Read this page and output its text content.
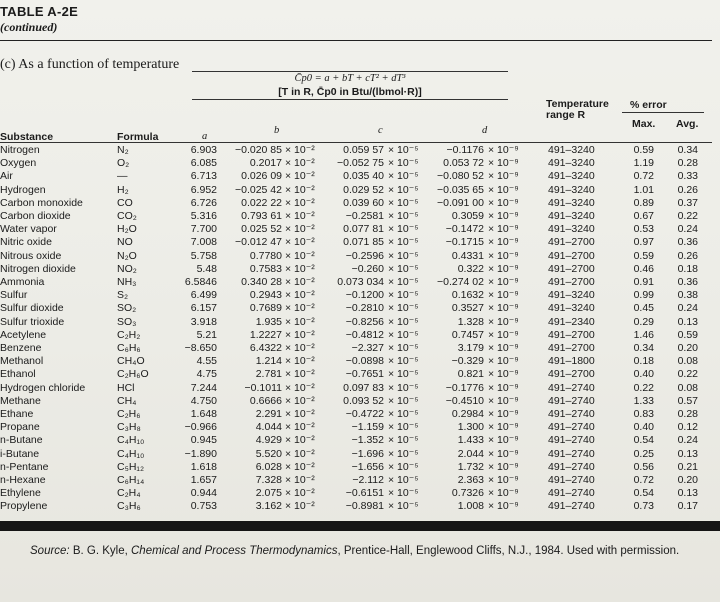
TABLE A-2E
(continued)
(c) As a function of temperature
C̄p0 = a + bT + cT² + dT³
[T in R, C̄p0 in Btu/(lbmol·R)]
Temperature range R
% error
Max. Avg.
Substance	Formula	a
b	c	d
Nitrogen	N₂	6.903	−0.020 85 × 10⁻²	0.059 57 × 10⁻⁵	−0.1176 × 10⁻⁹	491–3240	0.59	0.34
Oxygen	O₂	6.085	0.2017 × 10⁻²	−0.052 75 × 10⁻⁵	0.053 72 × 10⁻⁹	491–3240	1.19	0.28
Air	—	6.713	0.026 09 × 10⁻²	0.035 40 × 10⁻⁵	−0.080 52 × 10⁻⁹	491–3240	0.72	0.33
Hydrogen	H₂	6.952	−0.025 42 × 10⁻²	0.029 52 × 10⁻⁵	−0.035 65 × 10⁻⁹	491–3240	1.01	0.26
Carbon monoxide	CO	6.726	0.022 22 × 10⁻²	0.039 60 × 10⁻⁵	−0.091 00 × 10⁻⁹	491–3240	0.89	0.37
Carbon dioxide	CO₂	5.316	0.793 61 × 10⁻²	−0.2581 × 10⁻⁵	0.3059 × 10⁻⁹	491–3240	0.67	0.22
Water vapor	H₂O	7.700	0.025 52 × 10⁻²	0.077 81 × 10⁻⁵	−0.1472 × 10⁻⁹	491–3240	0.53	0.24
Nitric oxide	NO	7.008	−0.012 47 × 10⁻²	0.071 85 × 10⁻⁵	−0.1715 × 10⁻⁹	491–2700	0.97	0.36
Nitrous oxide	N₂O	5.758	0.7780 × 10⁻²	−0.2596 × 10⁻⁵	0.4331 × 10⁻⁹	491–2700	0.59	0.26
Nitrogen dioxide	NO₂	5.48	0.7583 × 10⁻²	−0.260 × 10⁻⁵	0.322 × 10⁻⁹	491–2700	0.46	0.18
Ammonia	NH₃	6.5846	0.340 28 × 10⁻²	0.073 034 × 10⁻⁵	−0.274 02 × 10⁻⁹	491–2700	0.91	0.36
Sulfur	S₂	6.499	0.2943 × 10⁻²	−0.1200 × 10⁻⁵	0.1632 × 10⁻⁹	491–3240	0.99	0.38
Sulfur dioxide	SO₂	6.157	0.7689 × 10⁻²	−0.2810 × 10⁻⁵	0.3527 × 10⁻⁹	491–3240	0.45	0.24
Sulfur trioxide	SO₃	3.918	1.935 × 10⁻²	−0.8256 × 10⁻⁵	1.328 × 10⁻⁹	491–2340	0.29	0.13
Acetylene	C₂H₂	5.21	1.2227 × 10⁻²	−0.4812 × 10⁻⁵	0.7457 × 10⁻⁹	491–2700	1.46	0.59
Benzene	C₆H₆	−8.650	6.4322 × 10⁻²	−2.327 × 10⁻⁵	3.179 × 10⁻⁹	491–2700	0.34	0.20
Methanol	CH₄O	4.55	1.214 × 10⁻²	−0.0898 × 10⁻⁵	−0.329 × 10⁻⁹	491–1800	0.18	0.08
Ethanol	C₂H₆O	4.75	2.781 × 10⁻²	−0.7651 × 10⁻⁵	0.821 × 10⁻⁹	491–2700	0.40	0.22
Hydrogen chloride	HCl	7.244	−0.1011 × 10⁻²	0.097 83 × 10⁻⁵	−0.1776 × 10⁻⁹	491–2740	0.22	0.08
Methane	CH₄	4.750	0.6666 × 10⁻²	0.093 52 × 10⁻⁵	−0.4510 × 10⁻⁹	491–2740	1.33	0.57
Ethane	C₂H₆	1.648	2.291 × 10⁻²	−0.4722 × 10⁻⁵	0.2984 × 10⁻⁹	491–2740	0.83	0.28
Propane	C₃H₈	−0.966	4.044 × 10⁻²	−1.159 × 10⁻⁵	1.300 × 10⁻⁹	491–2740	0.40	0.12
n-Butane	C₄H₁₀	0.945	4.929 × 10⁻²	−1.352 × 10⁻⁵	1.433 × 10⁻⁹	491–2740	0.54	0.24
i-Butane	C₄H₁₀	−1.890	5.520 × 10⁻²	−1.696 × 10⁻⁵	2.044 × 10⁻⁹	491–2740	0.25	0.13
n-Pentane	C₅H₁₂	1.618	6.028 × 10⁻²	−1.656 × 10⁻⁵	1.732 × 10⁻⁹	491–2740	0.56	0.21
n-Hexane	C₆H₁₄	1.657	7.328 × 10⁻²	−2.112 × 10⁻⁵	2.363 × 10⁻⁹	491–2740	0.72	0.20
Ethylene	C₂H₄	0.944	2.075 × 10⁻²	−0.6151 × 10⁻⁵	0.7326 × 10⁻⁹	491–2740	0.54	0.13
Propylene	C₃H₆	0.753	3.162 × 10⁻²	−0.8981 × 10⁻⁵	1.008 × 10⁻⁹	491–2740	0.73	0.17
Source: B. G. Kyle, Chemical and Process Thermodynamics, Prentice-Hall, Englewood Cliffs, N.J., 1984. Used with permission.
